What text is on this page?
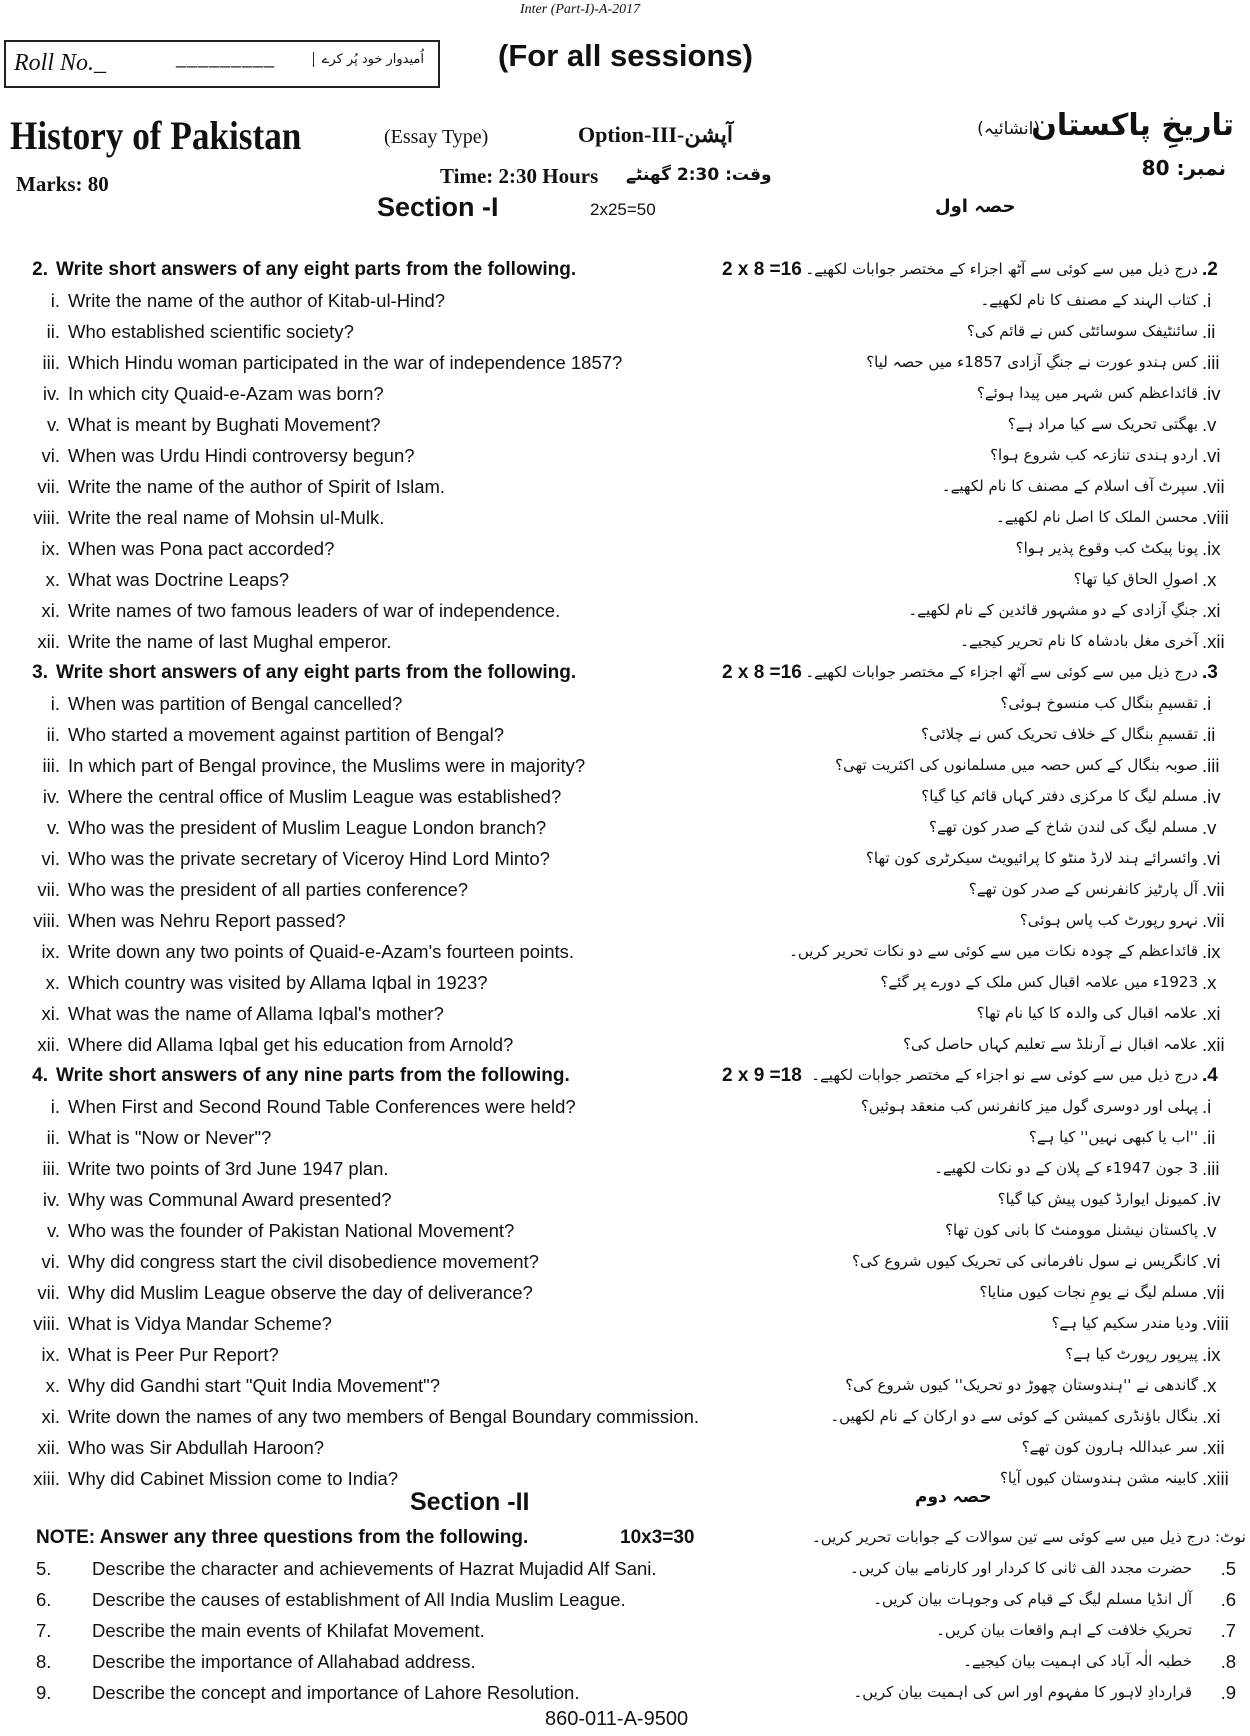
Inter (Part-I)-A-2017
Roll No._	_________	اُمیدوار خود پُر کرے (For all sessions)
History of Pakistan	(Essay Type)	Option-III-آپشن	(انشائیہ)
تاریخِ پاکستان
Marks: 80	Time: 2:30 Hours وقت: 2:30 گھنٹے	نمبر: 80
Section -I	2x25=50	حصہ اول
2. Write short answers of any eight parts from the following.	2 x 8 =16 درج ذیل میں سے کوئی سے آٹھ اجزاء کے مختصر جوابات لکھیے۔ .2
i. Write the name of the author of Kitab-ul-Hind?	کتاب الہند کے مصنف کا نام لکھیے۔ .i
ii. Who established scientific society?	سائنٹیفک سوسائٹی کس نے قائم کی؟ .ii
iii. Which Hindu woman participated in the war of independence 1857?	کس ہندو عورت نے جنگِ آزادی 1857ء میں حصہ لیا؟ .iii
iv. In which city Quaid-e-Azam was born?	قائداعظم کس شہر میں پیدا ہوئے؟ .iv
v. What is meant by Bughati Movement?	بھگتی تحریک سے کیا مراد ہے؟ .v
vi. When was Urdu Hindi controversy begun?	اردو ہندی تنازعہ کب شروع ہوا؟ .vi
vii. Write the name of the author of Spirit of Islam.	سپرٹ آف اسلام کے مصنف کا نام لکھیے۔ .vii
viii. Write the real name of Mohsin ul-Mulk.	محسن الملک کا اصل نام لکھیے۔ .viii
ix. When was Pona pact accorded?	پونا پیکٹ کب وقوع پذیر ہوا؟ .ix
x. What was Doctrine Leaps?	اصولِ الحاق کیا تھا؟ .x
xi. Write names of two famous leaders of war of independence.	جنگِ آزادی کے دو مشہور قائدین کے نام لکھیے۔ .xi
xii. Write the name of last Mughal emperor.	آخری مغل بادشاہ کا نام تحریر کیجیے۔ .xii
3. Write short answers of any eight parts from the following.	2 x 8 =16 درج ذیل میں سے کوئی سے آٹھ اجزاء کے مختصر جوابات لکھیے۔ .3
i. When was partition of Bengal cancelled?	تقسیمِ بنگال کب منسوخ ہوئی؟ .i
ii. Who started a movement against partition of Bengal?	تقسیمِ بنگال کے خلاف تحریک کس نے چلائی؟ .ii
iii. In which part of Bengal province, the Muslims were in majority?	صوبہ بنگال کے کس حصہ میں مسلمانوں کی اکثریت تھی؟ .iii
iv. Where the central office of Muslim League was established?	مسلم لیگ کا مرکزی دفتر کہاں قائم کیا گیا؟ .iv
v. Who was the president of Muslim League London branch?	مسلم لیگ کی لندن شاخ کے صدر کون تھے؟ .v
vi. Who was the private secretary of Viceroy Hind Lord Minto?	وائسرائے ہند لارڈ منٹو کا پرائیویٹ سیکرٹری کون تھا؟ .vi
vii. Who was the president of all parties conference?	آل پارٹیز کانفرنس کے صدر کون تھے؟ .vii
viii. When was Nehru Report passed?	نہرو رپورٹ کب پاس ہوئی؟ .vii
ix. Write down any two points of Quaid-e-Azam's fourteen points.	قائداعظم کے چودہ نکات میں سے کوئی سے دو نکات تحریر کریں۔ .ix
x. Which country was visited by Allama Iqbal in 1923?	1923ء میں علامہ اقبال کس ملک کے دورے پر گئے؟ .x
xi. What was the name of Allama Iqbal's mother?	علامہ اقبال کی والدہ کا کیا نام تھا؟ .xi
xii. Where did Allama Iqbal get his education from Arnold?	علامہ اقبال نے آرنلڈ سے تعلیم کہاں حاصل کی؟ .xii
4. Write short answers of any nine parts from the following.	2 x 9 =18 درج ذیل میں سے کوئی سے نو اجزاء کے مختصر جوابات لکھیے۔ .4
i. When First and Second Round Table Conferences were held?	پہلی اور دوسری گول میز کانفرنس کب منعقد ہوئیں؟ .i
ii. What is "Now or Never"?	''اب یا کبھی نہیں'' کیا ہے؟ .ii
iii. Write two points of 3rd June 1947 plan.	3 جون 1947ء کے پلان کے دو نکات لکھیے۔ .iii
iv. Why was Communal Award presented?	کمیونل ایوارڈ کیوں پیش کیا گیا؟ .iv
v. Who was the founder of Pakistan National Movement?	پاکستان نیشنل موومنٹ کا بانی کون تھا؟ .v
vi. Why did congress start the civil disobedience movement?	کانگریس نے سول نافرمانی کی تحریک کیوں شروع کی؟ .vi
vii. Why did Muslim League observe the day of deliverance?	مسلم لیگ نے یومِ نجات کیوں منایا؟ .vii
viii. What is Vidya Mandar Scheme?	ودیا مندر سکیم کیا ہے؟ .viii
ix. What is Peer Pur Report?	پیرپور رپورٹ کیا ہے؟ .ix
x. Why did Gandhi start "Quit India Movement"?	گاندھی نے ''ہندوستان چھوڑ دو تحریک'' کیوں شروع کی؟ .x
xi. Write down the names of any two members of Bengal Boundary commission.	بنگال باؤنڈری کمیشن کے کوئی سے دو ارکان کے نام لکھیں۔ .xi
xii. Who was Sir Abdullah Haroon?	سر عبداللہ ہارون کون تھے؟ .xii
xiii. Why did Cabinet Mission come to India?	کابینہ مشن ہندوستان کیوں آیا؟ .xiii
Section -II	حصہ دوم
NOTE: Answer any three questions from the following.	10x3=30	نوٹ: درج ذیل میں سے کوئی سے تین سوالات کے جوابات تحریر کریں۔
5. Describe the character and achievements of Hazrat Mujadid Alf Sani.	حضرت مجدد الف ثانی کا کردار اور کارنامے بیان کریں۔ .5
6. Describe the causes of establishment of All India Muslim League.	آل انڈیا مسلم لیگ کے قیام کی وجوہات بیان کریں۔ .6
7. Describe the main events of Khilafat Movement.	تحریکِ خلافت کے اہم واقعات بیان کریں۔ .7
8. Describe the importance of Allahabad address.	خطبہ الٰہ آباد کی اہمیت بیان کیجیے۔ .8
9. Describe the concept and importance of Lahore Resolution.	قراردادِ لاہور کا مفہوم اور اس کی اہمیت بیان کریں۔ .9
860-011-A-9500
